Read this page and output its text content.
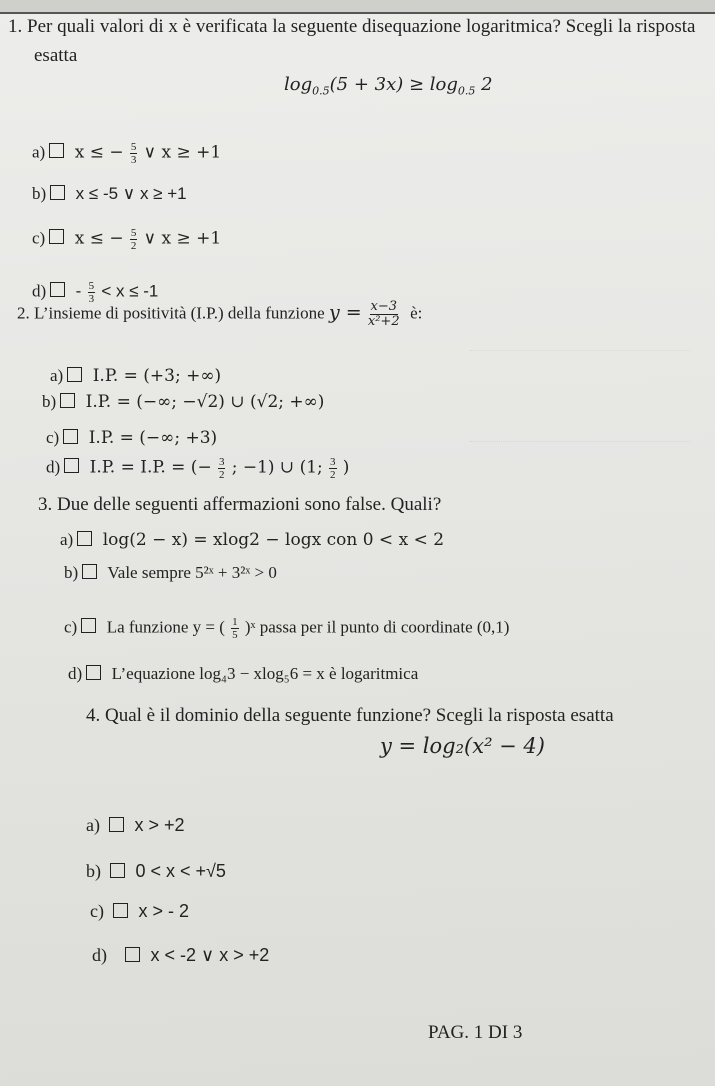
1. Per quali valori di x è verificata la seguente disequazione logaritmica? Scegli la risposta
esatta
$\log_{0.5}(5 + 3x) \ge \log_{0.5} 2$
a) x ≤ − $\frac{5}{3}$ ∨ x ≥ +1
b) x ≤ -5 ∨ x ≥ +1
c) x ≤ − $\frac{5}{2}$ ∨ x ≥ +1
$d) - \frac{5}{3} < x \le -1$
2. L’insieme di positività (I.P.) della funzione $y = \frac{x-3}{\text{x²+2}}$ è:
a) I.P. = (+3; +∞)
b) I.P. = (−∞; −√2) ∪ (√2; +∞)
c) I.P. = (−∞; +3)
d) I.P. = I.P. = (− $\frac{3}{2}$ ; −1) ∪ (1; $\frac{3}{2}$ )
3. Due delle seguenti affermazioni sono false. Quali?
a) log(2 − x) = xlog2 − logx con 0 < x < 2
b) Vale sempre 5²ˣ + 3²ˣ > 0
c) La funzione y = ( $\frac{1}{5}$ )ˣ passa per il punto di coordinate (0,1)
d) L’equazione log₄3 − xlog₅6 = x è logaritmica
4. Qual è il dominio della seguente funzione? Scegli la risposta esatta
y = log₂(x² − 4)
a) x > +2
b) 0 < x < +√5
c) x > - 2
d) x < -2 ∨ x > +2
PAG. 1 DI 3
